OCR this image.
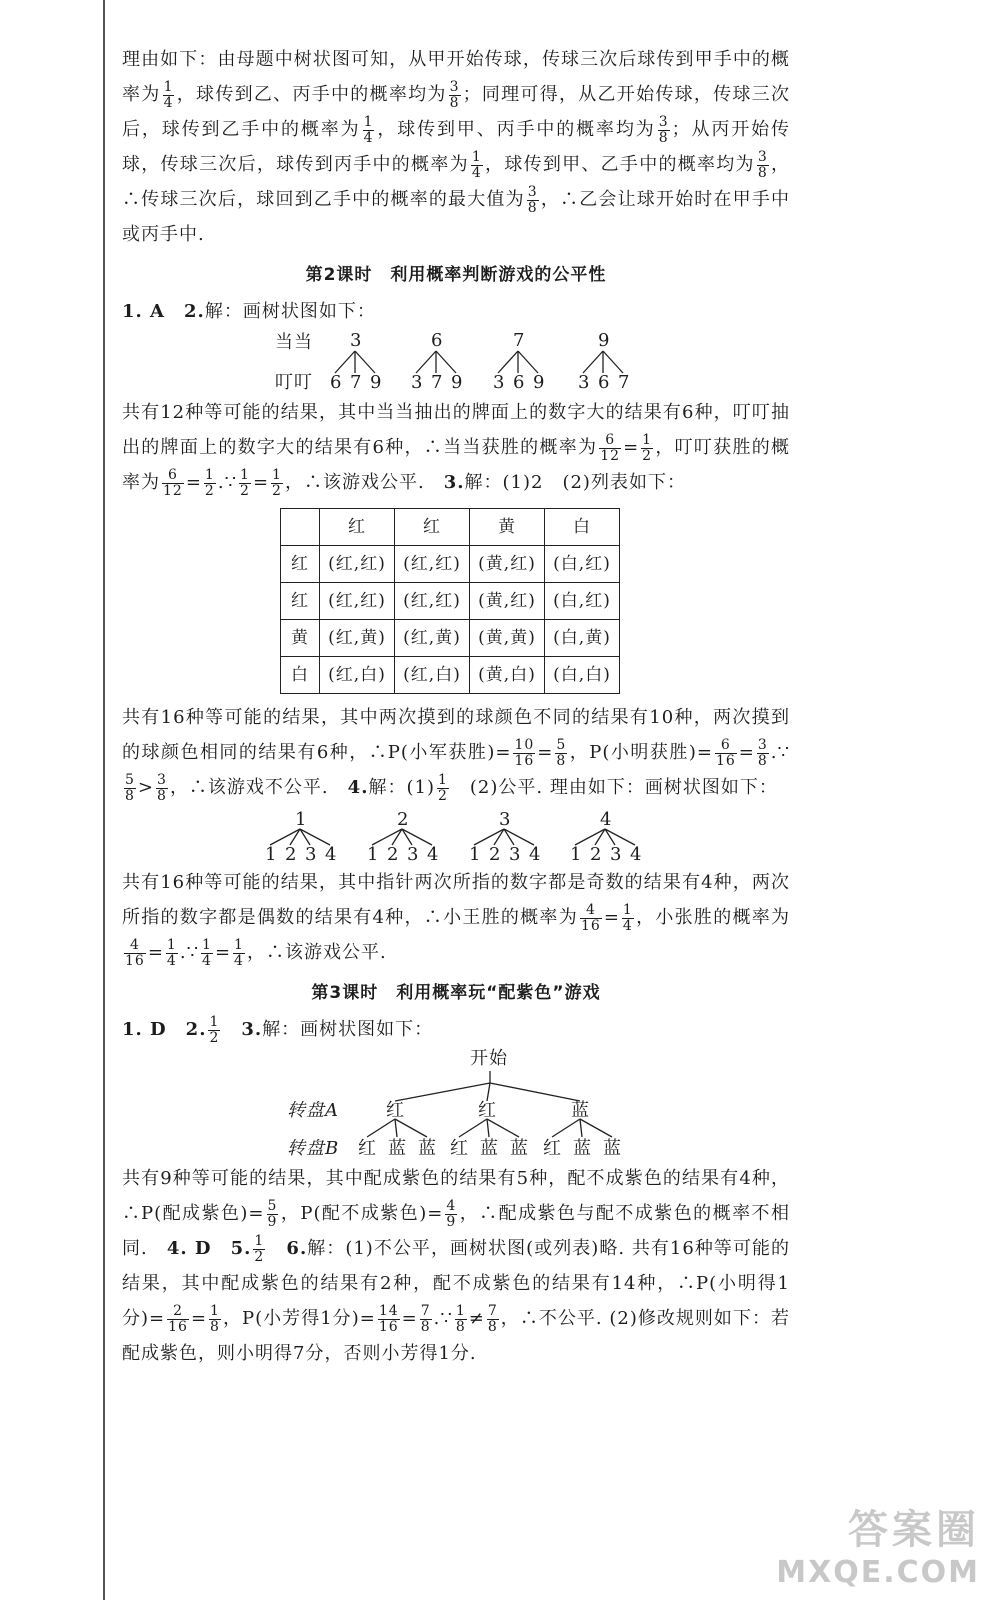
理由如下：由母题中树状图可知，从甲开始传球，传球三次后球传到甲手中的概率为 $\frac{1}{4}$ ，球传到乙、丙手中的概率均为 $\frac{3}{8}$ ；同理可得，从乙开始传球，传球三次后，球传到乙手中的概率为 $\frac{1}{4}$ ，球传到甲、丙手中的概率均为 $\frac{3}{8}$ ；从丙开始传球，传球三次后，球传到丙手中的概率为 $\frac{1}{4}$ ，球传到甲、乙手中的概率均为 $\frac{3}{8}$ ，∴传球三次后，球回到乙手中的概率的最大值为 $\frac{3}{8}$ ，∴乙会让球开始时在甲手中或丙手中.

第2课时　利用概率判断游戏的公平性

1. A　 2.解：画树状图如下：

当当
叮叮
3
6 7 9
6
3 7 9
7
3 6 9
9
3 6 7

共有12种等可能的结果，其中当当抽出的牌面上的数字大的结果有6种，叮叮抽出的牌面上的数字大的结果有6种，∴当当获胜的概率为 $\frac{6}{12} = \frac{1}{2}$ ，叮叮获胜的概率为 $\frac{6}{12} = \frac{1}{2}$ .∵ $\frac{1}{2} = \frac{1}{2}$ ，∴该游戏公平.　 3.解：(1)2　(2)列表如下：

	红	红	黄	白
红	(红,红)	(红,红)	(黄,红)	(白,红)
红	(红,红)	(红,红)	(黄,红)	(白,红)
黄	(红,黄)	(红,黄)	(黄,黄)	(白,黄)
白	(红,白)	(红,白)	(黄,白)	(白,白)

共有16种等可能的结果，其中两次摸到的球颜色不同的结果有10种，两次摸到的球颜色相同的结果有6种，∴P(小军获胜)= $\frac{10}{16} = \frac{5}{8}$ ，P(小明获胜)= $\frac{6}{16} = \frac{3}{8}$ .∵
$\frac{5}{8} > \frac{3}{8}$ ，∴该游戏不公平.　 4.解：$(1) \frac{1}{2}$ 　(2)公平. 理由如下：画树状图如下：

1
1 2 3 4
2
1 2 3 4
3
1 2 3 4
4
1 2 3 4

共有16种等可能的结果，其中指针两次所指的数字都是奇数的结果有4种，两次所指的数字都是偶数的结果有4种，∴小王胜的概率为 $\frac{4}{16} = \frac{1}{4}$ ，小张胜的概率为
$\frac{4}{16} = \frac{1}{4}$ .∵ $\frac{1}{4} = \frac{1}{4}$ ，∴该游戏公平.

第3课时　利用概率玩“配紫色”游戏

1. D　 2. $\frac{1}{2}$
　 3.解：画树状图如下：

开始
转盘A
转盘B
红	红	蓝
红 蓝 蓝 红 蓝 蓝 红 蓝 蓝

共有9种等可能的结果，其中配成紫色的结果有5种，配不成紫色的结果有4种，∴P(配成紫色)= $\frac{5}{9}$ ，P(配不成紫色)= $\frac{4}{9}$ ，∴配成紫色与配不成紫色的概率不相同.　 4. D　 5. $\frac{1}{2}$
　 6.解：(1)不公平，画树状图(或列表)略. 共有16种等可能的结果，其中配成紫色的结果有2种，配不成紫色的结果有14种，∴P(小明得1分)= $\frac{2}{16} = \frac{1}{8}$ ，P(小芳得1分)= $\frac{14}{16} = \frac{7}{8}$ .∵ $\frac{1}{8} \ne \frac{7}{8}$ ，∴不公平. (2)修改规则如下：若配成紫色，则小明得7分，否则小芳得1分.

答案圈
MXQE.COM
